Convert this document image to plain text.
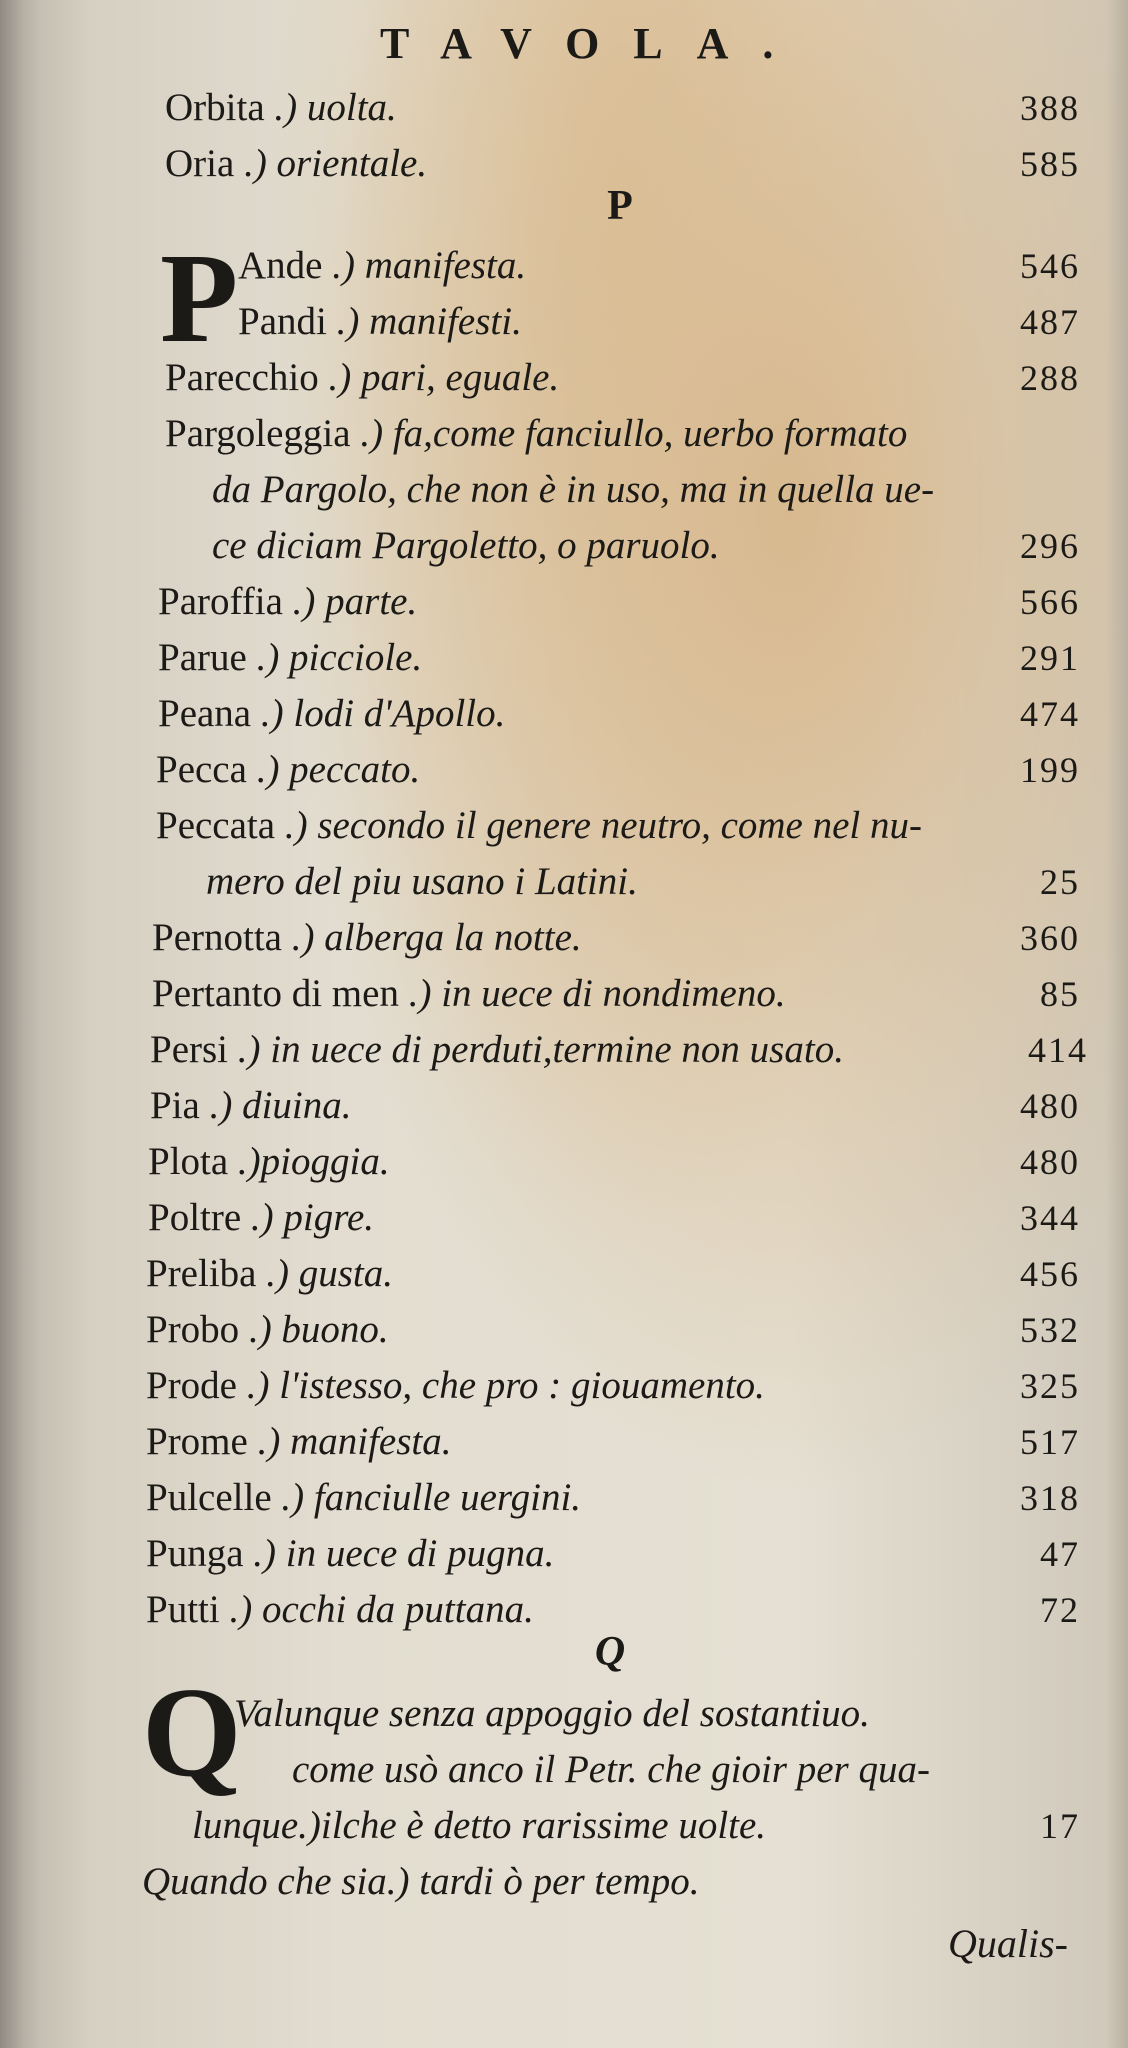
TAVOLA.
Orbita .) uolta.	388
Oria .) orientale.	585
P
P Ande .) manifesta.	546
Pandi .) manifesti.	487
Parecchio .) pari, eguale.	288
Pargoleggia .) fa,come fanciullo, uerbo formato
da Pargolo, che non è in uso, ma in quella ue-
ce diciam Pargoletto, o paruolo.	296
Paroffia .) parte.	566
Parue .) picciole.	291
Peana .) lodi d'Apollo.	474
Pecca .) peccato.	199
Peccata .) secondo il genere neutro, come nel nu-
mero del piu usano i Latini.	25
Pernotta .) alberga la notte.	360
Pertanto di men .) in uece di nondimeno.	85
Persi .) in uece di perduti,termine non usato.	414
Pia .) diuina.	480
Plota .)pioggia.	480
Poltre .) pigre.	344
Preliba .) gusta.	456
Probo .) buono.	532
Prode .) l'istesso, che pro : giouamento.	325
Prome .) manifesta.	517
Pulcelle .) fanciulle uergini.	318
Punga .) in uece di pugna.	47
Putti .) occhi da puttana.	72
Q
Q
Valunque senza appoggio del sostantiuo.
come usò anco il Petr. che gioir per qua-
lunque.)ilche è detto rarissime uolte.	17
Quando che sia.) tardi ò per tempo.
Qualis-
